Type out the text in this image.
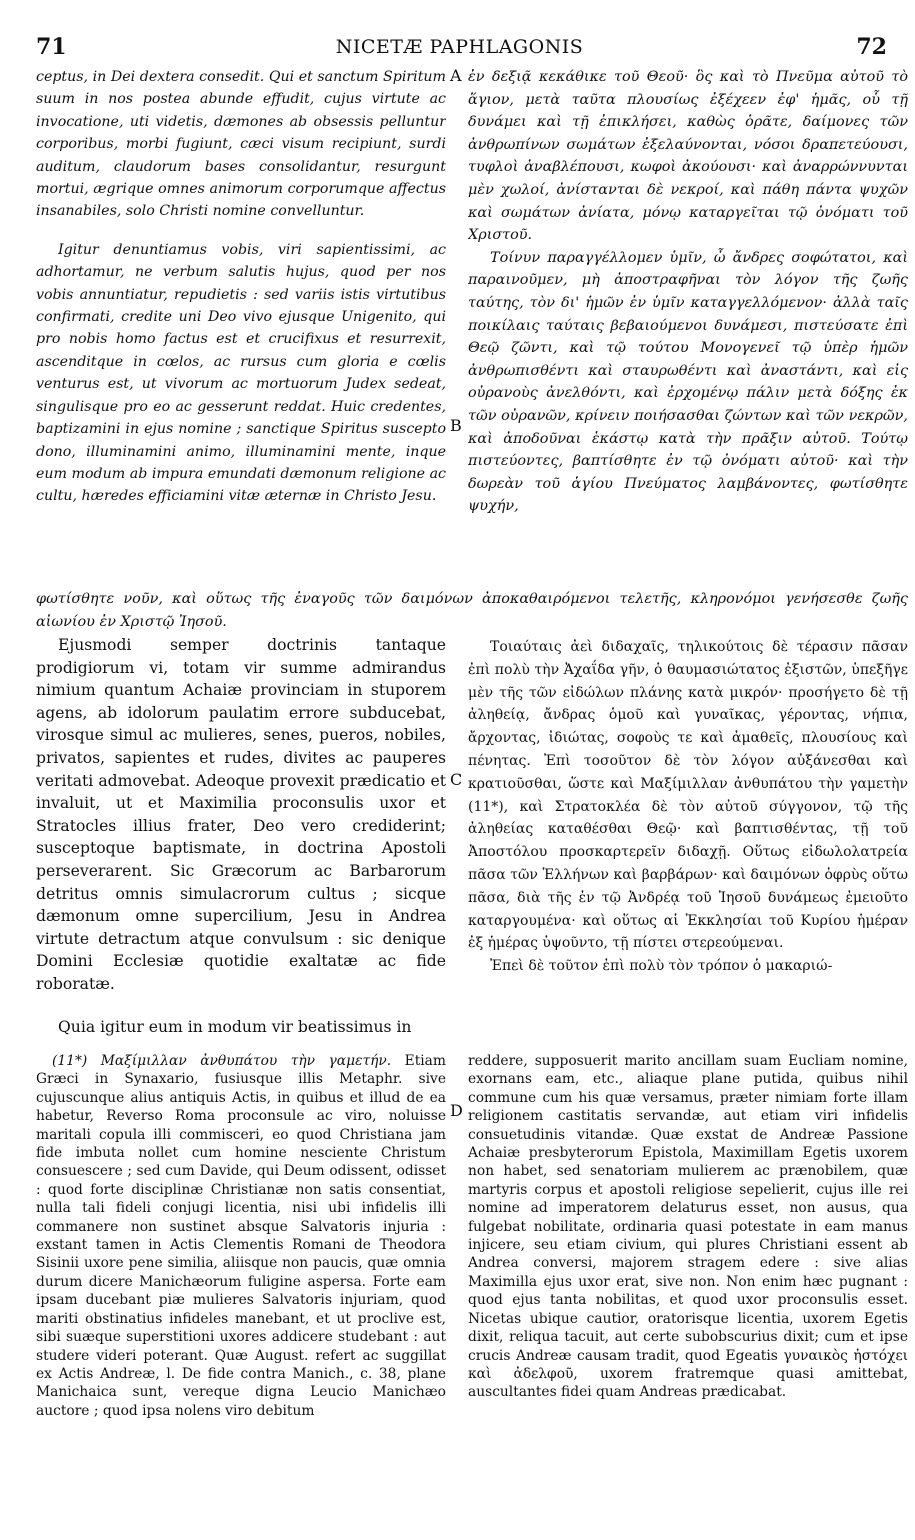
71	NICETÆ PAPHLAGONIS	72
A
B
C
D

ceptus, in Dei dextera consedit. Qui et sanctum Spiritum suum in nos postea abunde effudit, cujus virtute ac invocatione, uti videtis, dæmones ab obsessis pelluntur corporibus, morbi fugiunt, cæci visum recipiunt, surdi auditum, claudorum bases consolidantur, resurgunt mortui, ægrique omnes animorum corporumque affectus insanabiles, solo Christi nomine convelluntur.

Igitur denuntiamus vobis, viri sapientissimi, ac adhortamur, ne verbum salutis hujus, quod per nos vobis annuntiatur, repudietis : sed variis istis virtutibus confirmati, credite uni Deo vivo ejusque Unigenito, qui pro nobis homo factus est et crucifixus et resurrexit, ascenditque in cœlos, ac rursus cum gloria e cœlis venturus est, ut vivorum ac mortuorum Judex sedeat, singulisque pro eo ac gesserunt reddat. Huic credentes, baptizamini in ejus nomine ; sanctique Spiritus suscepto dono, illuminamini animo, illuminamini mente, inque eum modum ab impura emundati dæmonum religione ac cultu, hæredes efficiamini vitæ æternæ in Christo Jesu.

ἐν δεξιᾷ κεκάθικε τοῦ Θεοῦ· ὃς καὶ τὸ Πνεῦμα αὐτοῦ τὸ ἅγιον, μετὰ ταῦτα πλουσίως ἐξέχεεν ἐφ' ἡμᾶς, οὗ τῇ δυνάμει καὶ τῇ ἐπικλήσει, καθὼς ὁρᾶτε, δαίμονες τῶν ἀνθρωπίνων σωμάτων ἐξελαύνονται, νόσοι δραπετεύουσι, τυφλοὶ ἀναβλέπουσι, κωφοὶ ἀκούουσι· καὶ ἀναρρώννυνται μὲν χωλοί, ἀνίστανται δὲ νεκροί, καὶ πάθη πάντα ψυχῶν καὶ σωμάτων ἀνίατα, μόνῳ καταργεῖται τῷ ὀνόματι τοῦ Χριστοῦ.

Τοίνυν παραγγέλλομεν ὑμῖν, ὦ ἄνδρες σοφώτατοι, καὶ παραινοῦμεν, μὴ ἀποστραφῆναι τὸν λόγον τῆς ζωῆς ταύτης, τὸν δι' ἡμῶν ἐν ὑμῖν καταγγελλόμενον· ἀλλὰ ταῖς ποικίλαις ταύταις βεβαιούμενοι δυνάμεσι, πιστεύσατε ἐπὶ Θεῷ ζῶντι, καὶ τῷ τούτου Μονογενεῖ τῷ ὑπὲρ ἡμῶν ἀνθρωπισθέντι καὶ σταυρωθέντι καὶ ἀναστάντι, καὶ εἰς οὐρανοὺς ἀνελθόντι, καὶ ἐρχομένῳ πάλιν μετὰ δόξης ἐκ τῶν οὐρανῶν, κρίνειν ποιήσασθαι ζώντων καὶ τῶν νεκρῶν, καὶ ἀποδοῦναι ἑκάστῳ κατὰ τὴν πρᾶξιν αὐτοῦ. Τούτῳ πιστεύοντες, βαπτίσθητε ἐν τῷ ὀνόματι αὐτοῦ· καὶ τὴν δωρεὰν τοῦ ἁγίου Πνεύματος λαμβάνοντες, φωτίσθητε ψυχήν,

φωτίσθητε νοῦν, καὶ οὕτως τῆς ἐναγοῦς τῶν δαιμόνων ἀποκαθαιρόμενοι τελετῆς, κληρονόμοι γενήσεσθε ζωῆς αἰωνίου ἐν Χριστῷ Ἰησοῦ.

Ejusmodi semper doctrinis tantaque prodigiorum vi, totam vir summe admirandus nimium quantum Achaiæ provinciam in stuporem agens, ab idolorum paulatim errore subducebat, virosque simul ac mulieres, senes, pueros, nobiles, privatos, sapientes et rudes, divites ac pauperes veritati admovebat. Adeoque provexit prædicatio et invaluit, ut et Maximilia proconsulis uxor et Stratocles illius frater, Deo vero crediderint; susceptoque baptismate, in doctrina Apostoli perseverarent. Sic Græcorum ac Barbarorum detritus omnis simulacrorum cultus ; sicque dæmonum omne supercilium, Jesu in Andrea virtute detractum atque convulsum : sic denique Domini Ecclesiæ quotidie exaltatæ ac fide roboratæ.

Quia igitur eum in modum vir beatissimus in

Τοιαύταις ἀεὶ διδαχαῖς, τηλικούτοις δὲ τέρασιν πᾶσαν ἐπὶ πολὺ τὴν Ἀχαΐδα γῆν, ὁ θαυμασιώτατος ἐξιστῶν, ὑπεξῆγε μὲν τῆς τῶν εἰδώλων πλάνης κατὰ μικρόν· προσήγετο δὲ τῇ ἀληθείᾳ, ἄνδρας ὁμοῦ καὶ γυναῖκας, γέροντας, νήπια, ἄρχοντας, ἰδιώτας, σοφοὺς τε καὶ ἀμαθεῖς, πλουσίους καὶ πένητας. Ἐπὶ τοσοῦτον δὲ τὸν λόγον αὐξάνεσθαι καὶ κρατιοῦσθαι, ὥστε καὶ Μαξίμιλλαν ἀνθυπάτου τὴν γαμετὴν (11*), καὶ Στρατοκλέα δὲ τὸν αὐτοῦ σύγγονον, τῷ τῆς ἀληθείας καταθέσθαι Θεῷ· καὶ βαπτισθέντας, τῇ τοῦ Ἀποστόλου προσκαρτερεῖν διδαχῇ. Οὕτως εἰδωλολατρεία πᾶσα τῶν Ἑλλήνων καὶ βαρβάρων· καὶ δαιμόνων ὀφρὺς οὕτω πᾶσα, διὰ τῆς ἐν τῷ Ἀνδρέᾳ τοῦ Ἰησοῦ δυνάμεως ἐμειοῦτο καταργουμένα· καὶ οὕτως αἱ Ἐκκλησίαι τοῦ Κυρίου ἡμέραν ἐξ ἡμέρας ὑψοῦντο, τῇ πίστει στερεούμεναι.

Ἐπεὶ δὲ τοῦτον ἐπὶ πολὺ τὸν τρόπον ὁ μακαριώ-

(11*) Μαξίμιλλαν ἀνθυπάτου τὴν γαμετήν. Etiam Græci in Synaxario, fusiusque illis Metaphr. sive cujuscunque alius antiquis Actis, in quibus et illud de ea habetur, Reverso Roma proconsule ac viro, noluisse maritali copula illi commisceri, eo quod Christiana jam fide imbuta nollet cum homine nesciente Christum consuescere ; sed cum Davide, qui Deum odissent, odisset : quod forte disciplinæ Christianæ non satis consentiat, nulla tali fideli conjugi licentia, nisi ubi infidelis illi commanere non sustinet absque Salvatoris injuria : exstant tamen in Actis Clementis Romani de Theodora Sisinii uxore pene similia, aliisque non paucis, quæ omnia durum dicere Manichæorum fuligine aspersa. Forte eam ipsam ducebant piæ mulieres Salvatoris injuriam, quod mariti obstinatius infideles manebant, et ut proclive est, sibi suæque superstitioni uxores addicere studebant : aut studere videri poterant. Quæ August. refert ac suggillat ex Actis Andreæ, l. De fide contra Manich., c. 38, plane Manichaica sunt, vereque digna Leucio Manichæo auctore ; quod ipsa nolens viro debitum

reddere, supposuerit marito ancillam suam Eucliam nomine, exornans eam, etc., aliaque plane putida, quibus nihil commune cum his quæ versamus, præter nimiam forte illam religionem castitatis servandæ, aut etiam viri infidelis consuetudinis vitandæ. Quæ exstat de Andreæ Passione Achaiæ presbyterorum Epistola, Maximillam Egetis uxorem non habet, sed senatoriam mulierem ac prænobilem, quæ martyris corpus et apostoli religiose sepelierit, cujus ille rei nomine ad imperatorem delaturus esset, non ausus, qua fulgebat nobilitate, ordinaria quasi potestate in eam manus injicere, seu etiam civium, qui plures Christiani essent ab Andrea conversi, majorem stragem edere : sive alias Maximilla ejus uxor erat, sive non. Non enim hæc pugnant : quod ejus tanta nobilitas, et quod uxor proconsulis esset. Nicetas ubique cautior, oratorisque licentia, uxorem Egetis dixit, reliqua tacuit, aut certe subobscurius dixit; cum et ipse crucis Andreæ causam tradit, quod Egeatis γυναικὸς ἠστόχει καὶ ἀδελφοῦ, uxorem fratremque quasi amittebat, auscultantes fidei quam Andreas prædicabat.
